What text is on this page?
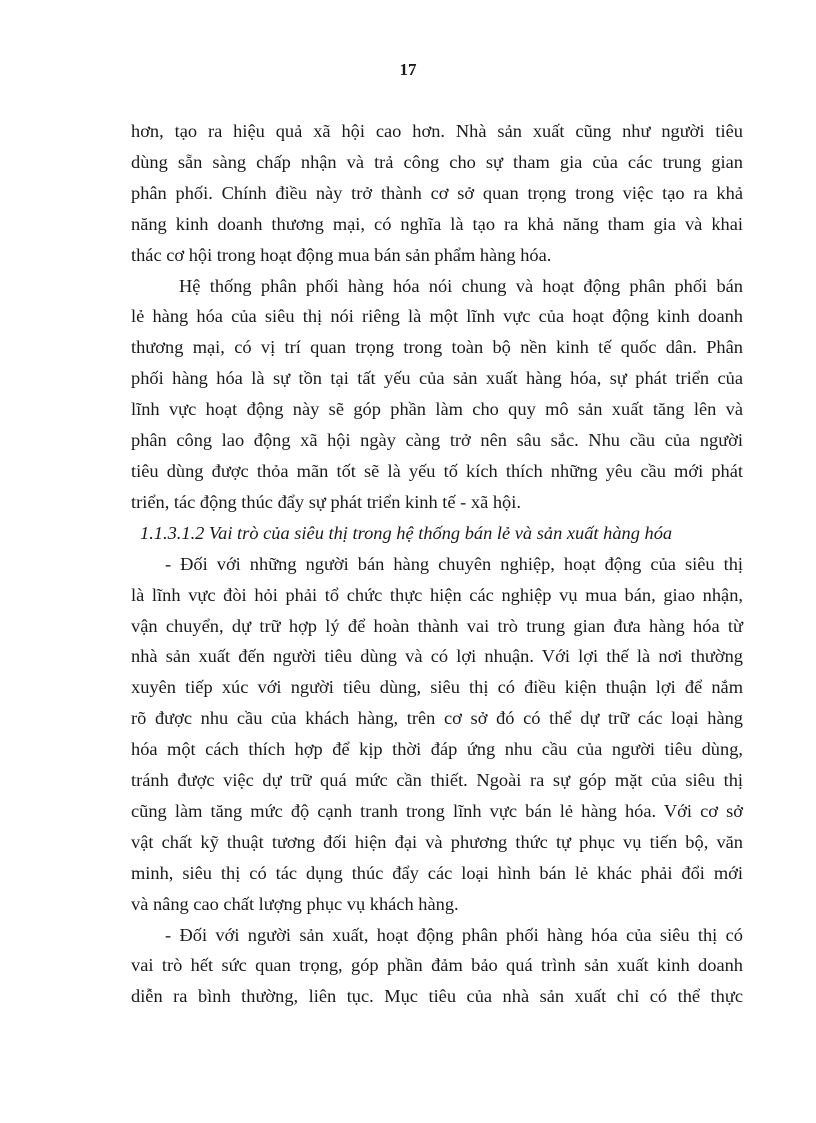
17
hơn, tạo ra hiệu quả xã hội cao hơn. Nhà sản xuất cũng như người tiêu
dùng sẵn sàng chấp nhận và trả công cho sự tham gia của các trung gian
phân phối. Chính điều này trở thành cơ sở quan trọng trong việc tạo ra khả
năng kinh doanh thương mại, có nghĩa là tạo ra khả năng tham gia và khai
thác cơ hội trong hoạt động mua bán sản phẩm hàng hóa.
Hệ thống phân phối hàng hóa nói chung và hoạt động phân phối bán
lẻ hàng hóa của siêu thị nói riêng là một lĩnh vực của hoạt động kinh doanh
thương mại, có vị trí quan trọng trong toàn bộ nền kinh tế quốc dân. Phân
phối hàng hóa là sự tồn tại tất yếu của sản xuất hàng hóa, sự phát triển của
lĩnh vực hoạt động này sẽ góp phần làm cho quy mô sản xuất tăng lên và
phân công lao động xã hội ngày càng trở nên sâu sắc. Nhu cầu của người
tiêu dùng được thỏa mãn tốt sẽ là yếu tố kích thích những yêu cầu mới phát
triển, tác động thúc đẩy sự phát triển kinh tế - xã hội.
1.1.3.1.2 Vai trò của siêu thị trong hệ thống bán lẻ và sản xuất hàng hóa
- Đối với những người bán hàng chuyên nghiệp, hoạt động của siêu thị
là lĩnh vực đòi hỏi phải tổ chức thực hiện các nghiệp vụ mua bán, giao nhận,
vận chuyển, dự trữ hợp lý để hoàn thành vai trò trung gian đưa hàng hóa từ
nhà sản xuất đến người tiêu dùng và có lợi nhuận. Với lợi thế là nơi thường
xuyên tiếp xúc với người tiêu dùng, siêu thị có điều kiện thuận lợi để nắm
rõ được nhu cầu của khách hàng, trên cơ sở đó có thể dự trữ các loại hàng
hóa một cách thích hợp để kịp thời đáp ứng nhu cầu của người tiêu dùng,
tránh được việc dự trữ quá mức cần thiết. Ngoài ra sự góp mặt của siêu thị
cũng làm tăng mức độ cạnh tranh trong lĩnh vực bán lẻ hàng hóa. Với cơ sở
vật chất kỹ thuật tương đối hiện đại và phương thức tự phục vụ tiến bộ, văn
minh, siêu thị có tác dụng thúc đẩy các loại hình bán lẻ khác phải đổi mới
và nâng cao chất lượng phục vụ khách hàng.
- Đối với người sản xuất, hoạt động phân phối hàng hóa của siêu thị có
vai trò hết sức quan trọng, góp phần đảm bảo quá trình sản xuất kinh doanh
diễn ra bình thường, liên tục. Mục tiêu của nhà sản xuất chỉ có thể thực
